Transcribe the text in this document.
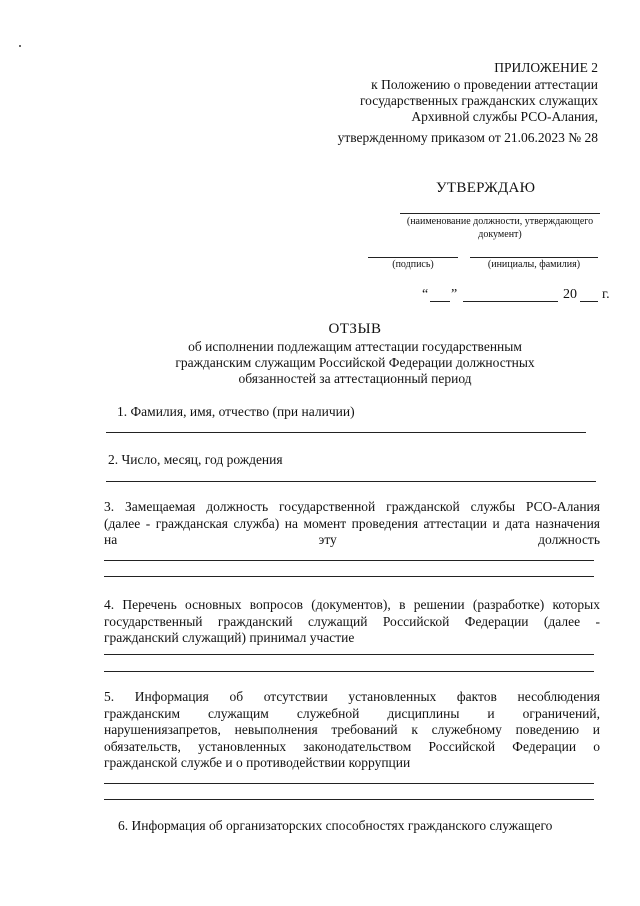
ПРИЛОЖЕНИЕ 2
к Положению о проведении аттестации
государственных гражданских служащих
Архивной службы РСО-Алания,
утвержденному приказом от 21.06.2023 № 28
УТВЕРЖДАЮ
(наименование должности, утверждающего
документ)
(подпись)	(инициалы, фамилия)
“ ”	20 г.
ОТЗЫВ
об исполнении подлежащим аттестации государственным
гражданским служащим Российской Федерации должностных
обязанностей за аттестационный период
1. Фамилия, имя, отчество (при наличии)
2. Число, месяц, год рождения
3. Замещаемая должность государственной гражданской службы РСО-Алания
(далее - гражданская служба) на момент проведения аттестации и дата назначения
на эту должность
4. Перечень основных вопросов (документов), в решении (разработке) которых
государственный гражданский служащий Российской Федерации (далее -
гражданский служащий) принимал участие
5. Информация об отсутствии установленных фактов несоблюдения
гражданским служащим служебной дисциплины и ограничений,
нарушениязапретов, невыполнения требований к служебному поведению и
обязательств, установленных законодательством Российской Федерации о
гражданской службе и о противодействии коррупции
6. Информация об организаторских способностях гражданского служащего
